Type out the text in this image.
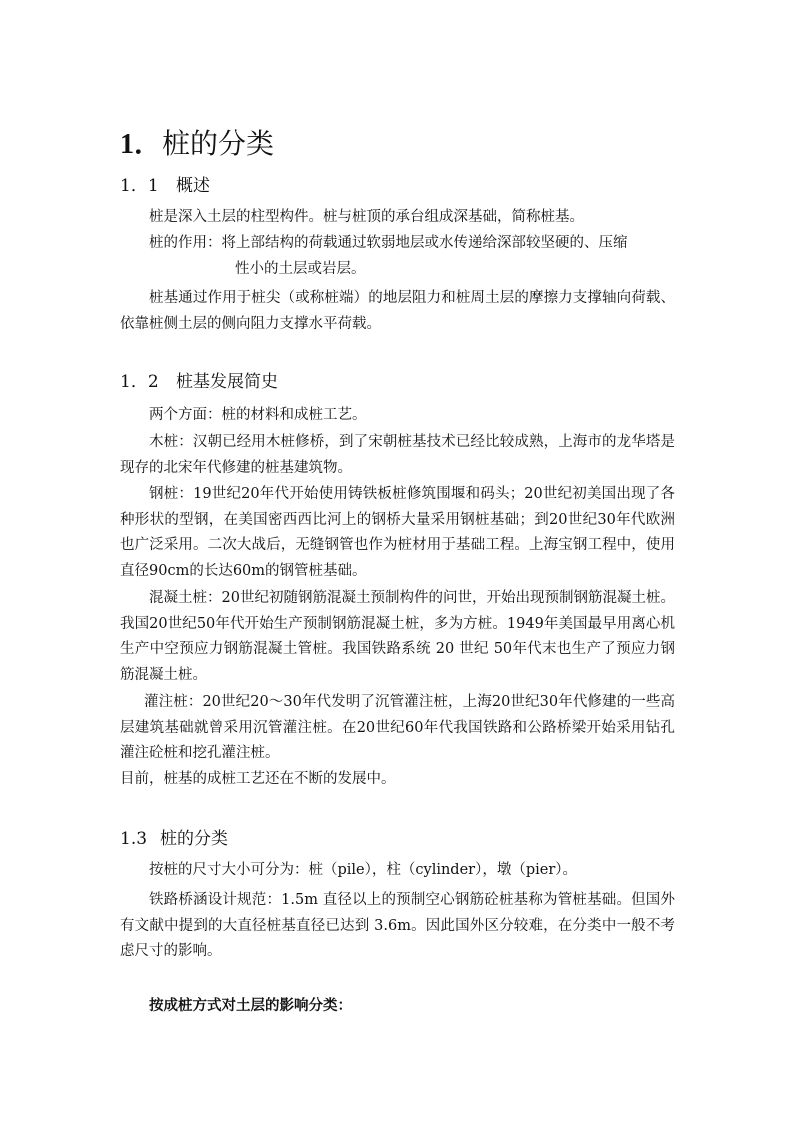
1．桩的分类
1．1 概述
桩是深入土层的柱型构件。桩与桩顶的承台组成深基础，简称桩基。
桩的作用：将上部结构的荷载通过软弱地层或水传递给深部较坚硬的、压缩
性小的土层或岩层。
桩基通过作用于桩尖（或称桩端）的地层阻力和桩周土层的摩擦力支撑轴向荷载、依靠桩侧土层的侧向阻力支撑水平荷载。
1．2 桩基发展简史
两个方面：桩的材料和成桩工艺。
木桩：汉朝已经用木桩修桥，到了宋朝桩基技术已经比较成熟，上海市的龙华塔是现存的北宋年代修建的桩基建筑物。
钢桩：19世纪20年代开始使用铸铁板桩修筑围堰和码头；20世纪初美国出现了各种形状的型钢，在美国密西西比河上的钢桥大量采用钢桩基础；到20世纪30年代欧洲也广泛采用。二次大战后，无缝钢管也作为桩材用于基础工程。上海宝钢工程中，使用直径90cm的长达60m的钢管桩基础。
混凝土桩：20世纪初随钢筋混凝土预制构件的问世，开始出现预制钢筋混凝土桩。我国20世纪50年代开始生产预制钢筋混凝土桩，多为方桩。1949年美国最早用离心机生产中空预应力钢筋混凝土管桩。我国铁路系统 20 世纪 50年代末也生产了预应力钢筋混凝土桩。
灌注桩：20世纪20～30年代发明了沉管灌注桩，上海20世纪30年代修建的一些高层建筑基础就曾采用沉管灌注桩。在20世纪60年代我国铁路和公路桥梁开始采用钻孔灌注砼桩和挖孔灌注桩。
目前，桩基的成桩工艺还在不断的发展中。
1.3 桩的分类
按桩的尺寸大小可分为：桩（pile），柱（cylinder），墩（pier）。
铁路桥涵设计规范：1.5m 直径以上的预制空心钢筋砼桩基称为管桩基础。但国外有文献中提到的大直径桩基直径已达到 3.6m。因此国外区分较难，在分类中一般不考虑尺寸的影响。
按成桩方式对土层的影响分类：
